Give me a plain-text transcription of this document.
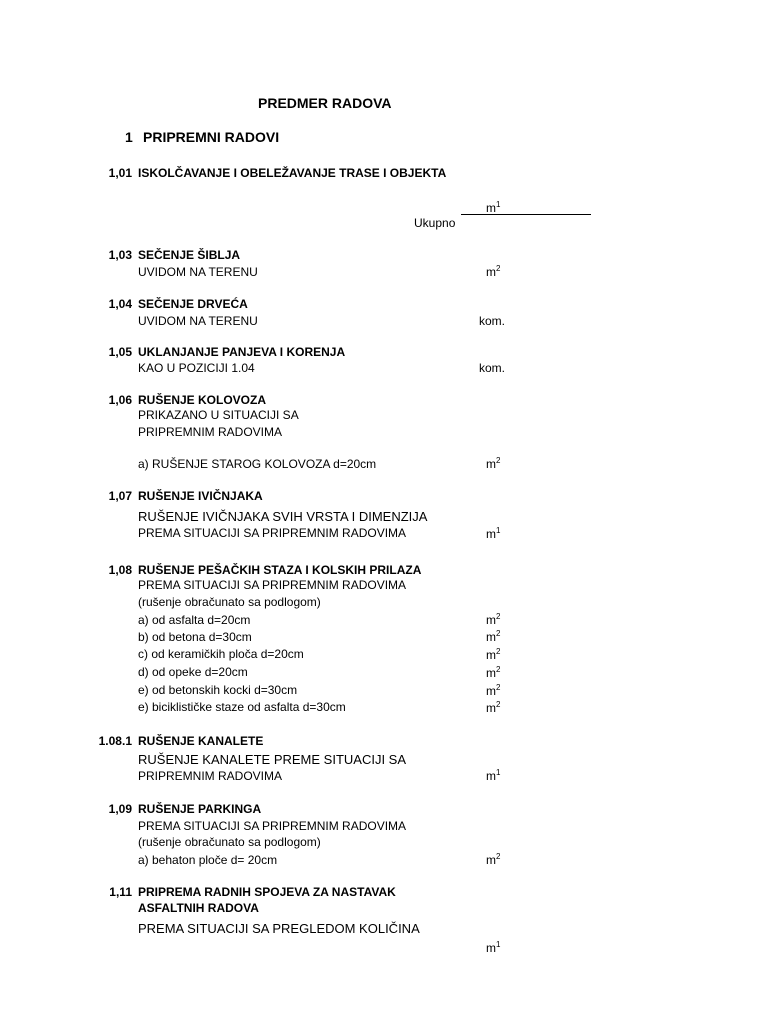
PREDMER RADOVA
1 PRIPREMNI RADOVI
1,01 ISKOLČAVANJE I OBELEŽAVANJE TRASE I OBJEKTA
$m^1$
Ukupno
1,03 SEČENJE ŠIBLJA
UVIDOM NA TERENU	$m^2$
1,04 SEČENJE DRVEĆA
UVIDOM NA TERENU	kom.
1,05 UKLANJANJE PANJEVA I KORENJA
KAO U POZICIJI 1.04	kom.
1,06 RUŠENJE KOLOVOZA
PRIKAZANO U SITUACIJI SA
PRIPREMNIM RADOVIMA
a) RUŠENJE STAROG KOLOVOZA d=20cm	$m^2$
1,07 RUŠENJE IVIČNJAKA
RUŠENJE IVIČNJAKA SVIH VRSTA I DIMENZIJA
PREMA SITUACIJI SA PRIPREMNIM RADOVIMA	$m^1$
1,08 RUŠENJE PEŠAČKIH STAZA I KOLSKIH PRILAZA
PREMA SITUACIJI SA PRIPREMNIM RADOVIMA
(rušenje obračunato sa podlogom)
a) od asfalta d=20cm	$m^2$
b) od betona d=30cm	$m^2$
c) od keramičkih ploča d=20cm	$m^2$
d) od opeke d=20cm	$m^2$
e) od betonskih kocki d=30cm	$m^2$
e) biciklističke staze od asfalta d=30cm	$m^2$
1.08.1 RUŠENJE KANALETE
RUŠENJE KANALETE PREME SITUACIJI SA
PRIPREMNIM RADOVIMA	$m^1$
1,09 RUŠENJE PARKINGA
PREMA SITUACIJI SA PRIPREMNIM RADOVIMA
(rušenje obračunato sa podlogom)
a) behaton ploče d= 20cm	$m^2$
1,11 PRIPREMA RADNIH SPOJEVA ZA NASTAVAK
ASFALTNIH RADOVA
PREMA SITUACIJI SA PREGLEDOM KOLIČINA
$m^1$
